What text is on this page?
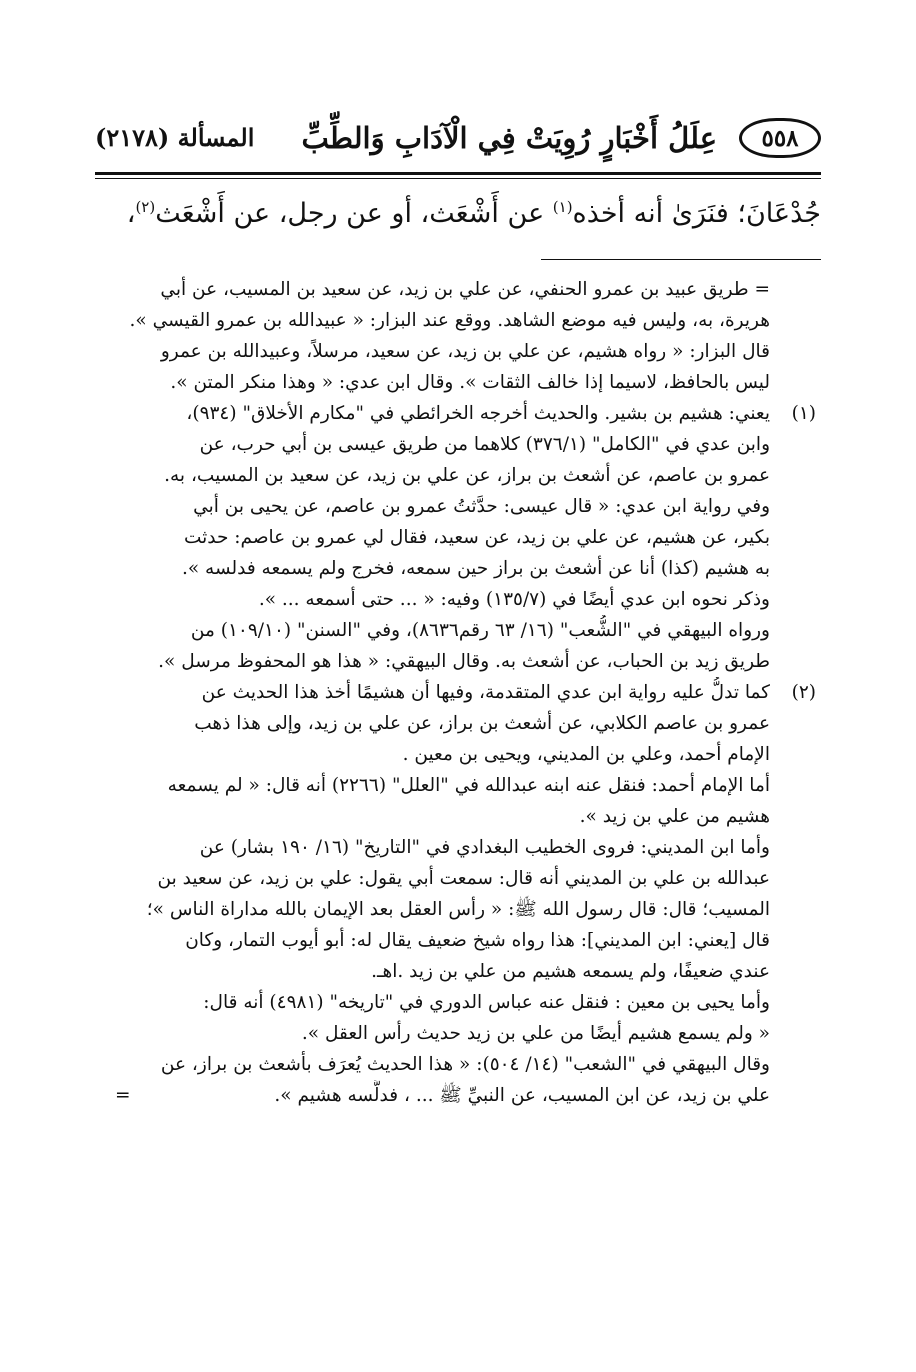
٥٥٨
عِلَلُ أَخْبَارٍ رُوِيَتْ فِي الْآدَابِ وَالطِّبِّ
المسألة (٢١٧٨)
جُدْعَانَ؛ فنَرَىٰ أنه أخذه$^{(١)}$ عن أَشْعَث، أو عن رجل، عن أَشْعَث$^{(٢)}$،
= طريق عبيد بن عمرو الحنفي، عن علي بن زيد، عن سعيد بن المسيب، عن أبي
هريرة، به، وليس فيه موضع الشاهد. ووقع عند البزار: « عبيدالله بن عمرو القيسي ».
قال البزار: « رواه هشيم، عن علي بن زيد، عن سعيد، مرسلاً، وعبيدالله بن عمرو
ليس بالحافظ، لاسيما إذا خالف الثقات ». وقال ابن عدي: « وهذا منكر المتن ».
(١)
يعني: هشيم بن بشير. والحديث أخرجه الخرائطي في "مكارم الأخلاق" (٩٣٤)،
وابن عدي في "الكامل" (٣٧٦/١) كلاهما من طريق عيسى بن أبي حرب، عن
عمرو بن عاصم، عن أشعث بن براز، عن علي بن زيد، عن سعيد بن المسيب، به.
وفي رواية ابن عدي: « قال عيسى: حدَّثتُ عمرو بن عاصم، عن يحيى بن أبي
بكير، عن هشيم، عن علي بن زيد، عن سعيد، فقال لي عمرو بن عاصم: حدثت
به هشيم (كذا) أنا عن أشعث بن براز حين سمعه، فخرج ولم يسمعه فدلسه ».
وذكر نحوه ابن عدي أيضًا في (١٣٥/٧) وفيه: « ... حتى أسمعه ... ».
ورواه البيهقي في "الشُّعب" (١٦/ ٦٣ رقم٨٦٣٦)، وفي "السنن" (١٠٩/١٠) من
طريق زيد بن الحباب، عن أشعث به. وقال البيهقي: « هذا هو المحفوظ مرسل ».
(٢)
كما تدلُّ عليه رواية ابن عدي المتقدمة، وفيها أن هشيمًا أخذ هذا الحديث عن
عمرو بن عاصم الكلابي، عن أشعث بن براز، عن علي بن زيد، وإلى هذا ذهب
الإمام أحمد، وعلي بن المديني، ويحيى بن معين .
أما الإمام أحمد: فنقل عنه ابنه عبدالله في "العلل" (٢٢٦٦) أنه قال: « لم يسمعه
هشيم من علي بن زيد ».
وأما ابن المديني: فروى الخطيب البغدادي في "التاريخ" (١٦/ ١٩٠ بشار) عن
عبدالله بن علي بن المديني أنه قال: سمعت أبي يقول: علي بن زيد، عن سعيد بن
المسيب؛ قال: قال رسول الله ﷺ: « رأس العقل بعد الإيمان بالله مداراة الناس »؛
قال [يعني: ابن المديني]: هذا رواه شيخ ضعيف يقال له: أبو أيوب التمار، وكان
عندي ضعيفًا، ولم يسمعه هشيم من علي بن زيد .اهـ.
وأما يحيى بن معين : فنقل عنه عباس الدوري في "تاريخه" (٤٩٨١) أنه قال:
« ولم يسمع هشيم أيضًا من علي بن زيد حديث رأس العقل ».
وقال البيهقي في "الشعب" (١٤/ ٥٠٤): « هذا الحديث يُعرَف بأشعث بن براز، عن
=	علي بن زيد، عن ابن المسيب، عن النبيِّ ﷺ ... ، فدلَّسه هشيم ».
